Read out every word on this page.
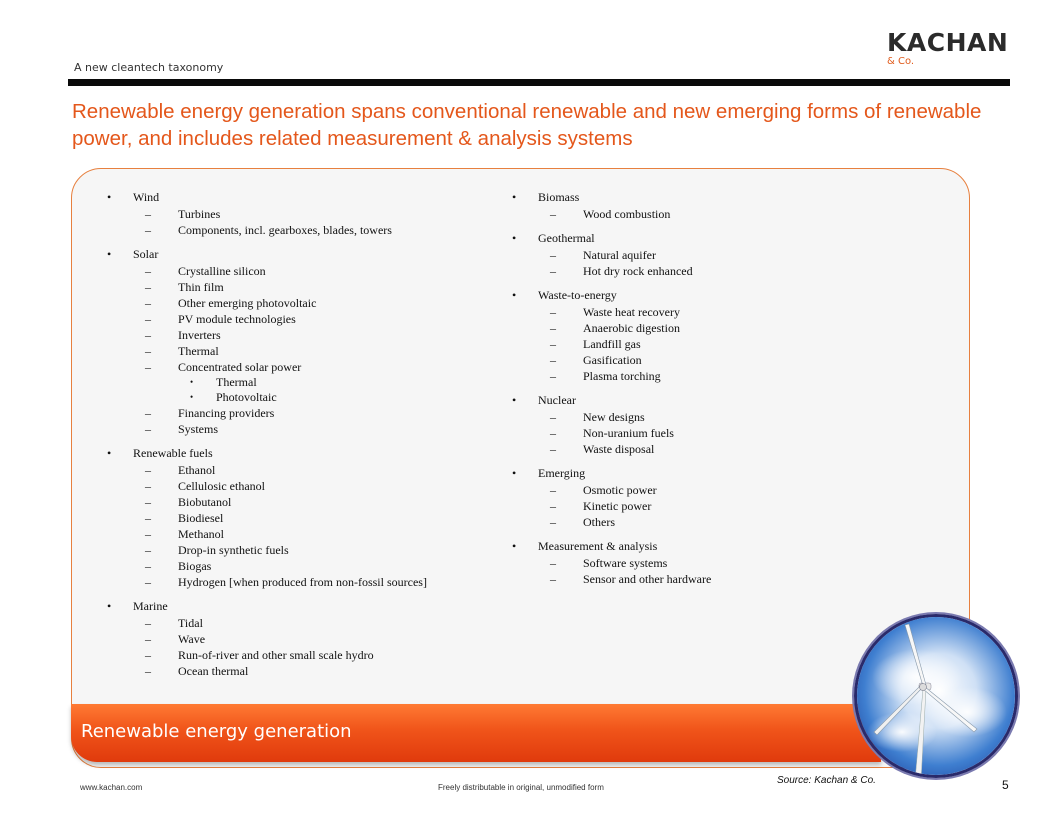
KACHAN
& Co.
A new cleantech taxonomy
Renewable energy generation spans conventional renewable and new emerging forms of renewable power, and includes related measurement & analysis systems
• Wind
– Turbines
– Components, incl. gearboxes, blades, towers
• Solar
– Crystalline silicon
– Thin film
– Other emerging photovoltaic
– PV module technologies
– Inverters
– Thermal
– Concentrated solar power
• Thermal
• Photovoltaic
– Financing providers
– Systems
• Renewable fuels
– Ethanol
– Cellulosic ethanol
– Biobutanol
– Biodiesel
– Methanol
– Drop-in synthetic fuels
– Biogas
– Hydrogen [when produced from non-fossil sources]
• Marine
– Tidal
– Wave
– Run-of-river and other small scale hydro
– Ocean thermal
• Biomass
– Wood combustion
• Geothermal
– Natural aquifer
– Hot dry rock enhanced
• Waste-to-energy
– Waste heat recovery
– Anaerobic digestion
– Landfill gas
– Gasification
– Plasma torching
• Nuclear
– New designs
– Non-uranium fuels
– Waste disposal
• Emerging
– Osmotic power
– Kinetic power
– Others
• Measurement & analysis
– Software systems
– Sensor and other hardware
Renewable energy generation
Source: Kachan & Co.
www.kachan.com	Freely distributable in original, unmodified form	5
